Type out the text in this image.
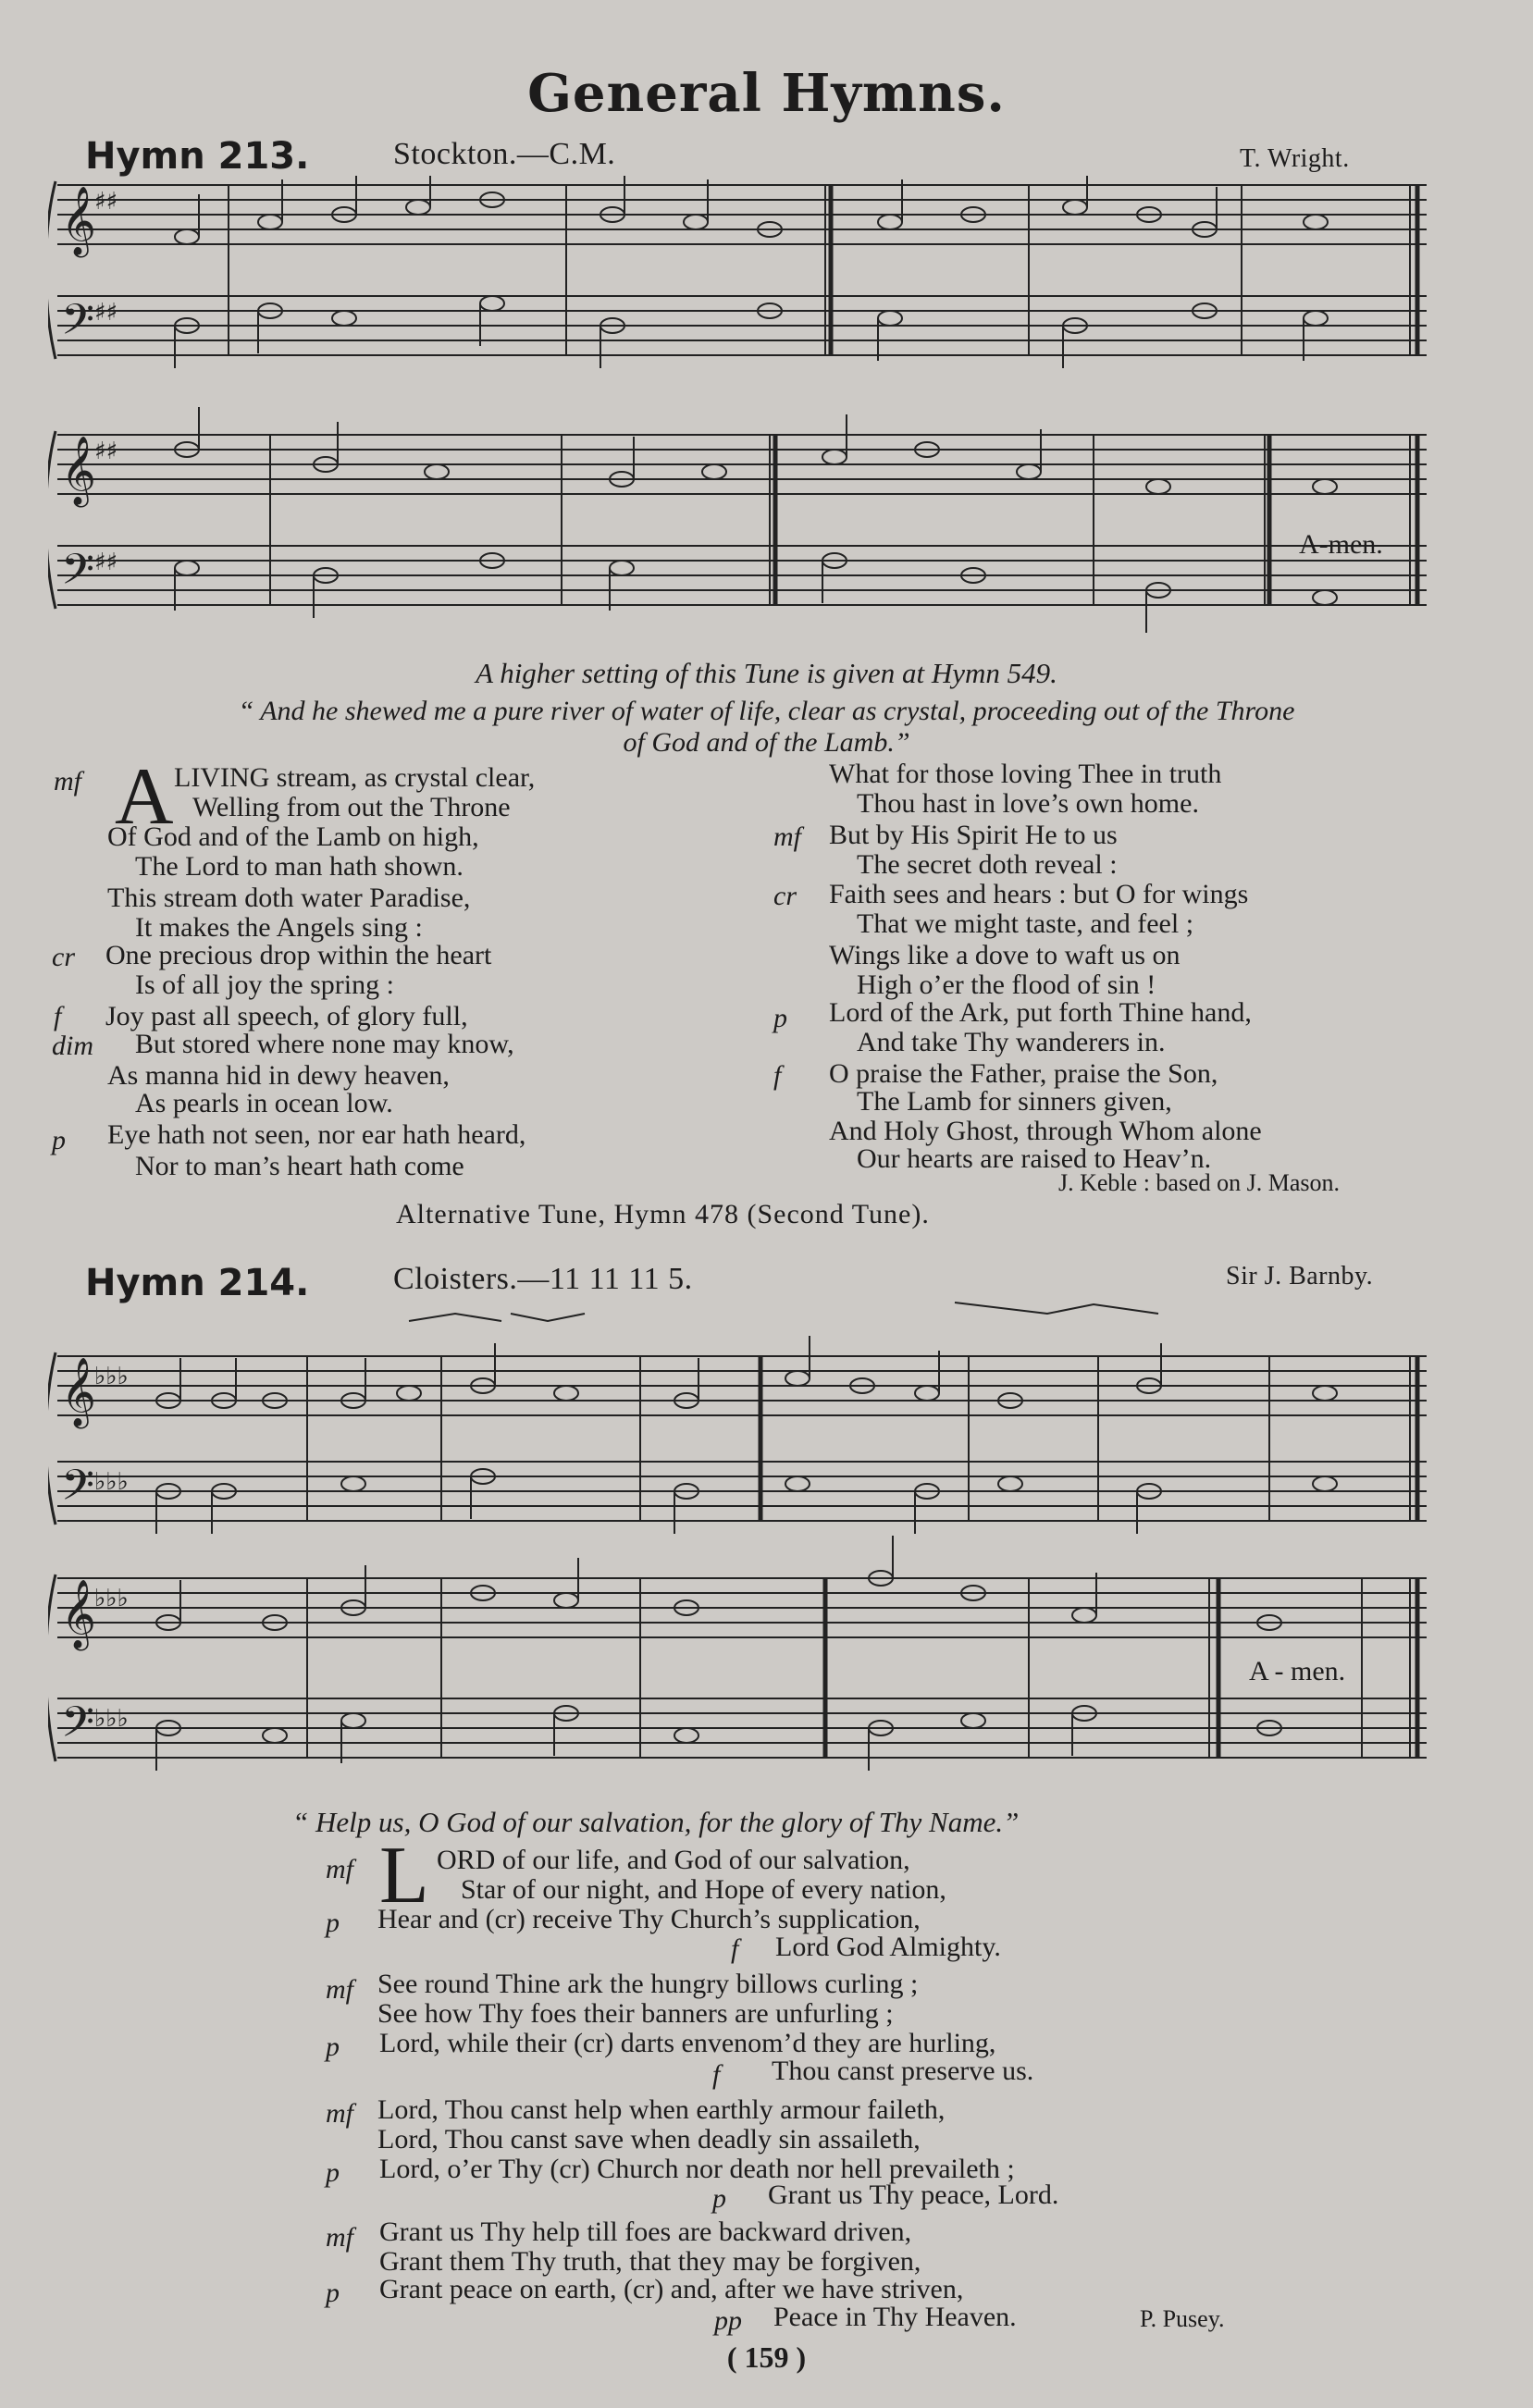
General Hymns.
Hymn 213.	Stockton.—C.M.	T. Wright.
𝄞
𝄢
𝄞
𝄢
♯♯
♯♯
♯♯
♯♯
A-men.
A higher setting of this Tune is given at Hymn 549.
“ And he shewed me a pure river of water of life, clear as crystal, proceeding out of the Throne
of God and of the Lamb.”
A
mf	LIVING stream, as crystal clear,
Welling from out the Throne
Of God and of the Lamb on high,
The Lord to man hath shown.
This stream doth water Paradise,
It makes the Angels sing :
cr One precious drop within the heart
Is of all joy the spring :
f Joy past all speech, of glory full,
dim But stored where none may know,
As manna hid in dewy heaven,
As pearls in ocean low.
p Eye hath not seen, nor ear hath heard,
Nor to man’s heart hath come
What for those loving Thee in truth
Thou hast in love’s own home.
mf But by His Spirit He to us
The secret doth reveal :
cr Faith sees and hears : but O for wings
That we might taste, and feel ;
Wings like a dove to waft us on
High o’er the flood of sin !
p Lord of the Ark, put forth Thine hand,
And take Thy wanderers in.
f O praise the Father, praise the Son,
The Lamb for sinners given,
And Holy Ghost, through Whom alone
Our hearts are raised to Heav’n.
J. Keble : based on J. Mason.
Alternative Tune, Hymn 478 (Second Tune).
Hymn 214.	Cloisters.—11 11 11 5.	Sir J. Barnby.
𝄞
𝄢
𝄞
𝄢
♭♭♭
♭♭♭
♭♭♭
♭♭♭
A - men.
“ Help us, O God of our salvation, for the glory of Thy Name.”
mf L ORD of our life, and God of our salvation,
Star of our night, and Hope of every nation,
p Hear and (cr) receive Thy Church’s supplication,
f Lord God Almighty.
mf See round Thine ark the hungry billows curling ;
See how Thy foes their banners are unfurling ;
p Lord, while their (cr) darts envenom’d they are hurling,
f Thou canst preserve us.
mf Lord, Thou canst help when earthly armour faileth,
Lord, Thou canst save when deadly sin assaileth,
p Lord, o’er Thy (cr) Church nor death nor hell prevaileth ;
p Grant us Thy peace, Lord.
mf Grant us Thy help till foes are backward driven,
Grant them Thy truth, that they may be forgiven,
p Grant peace on earth, (cr) and, after we have striven,
pp Peace in Thy Heaven.	P. Pusey.
( 159 )
